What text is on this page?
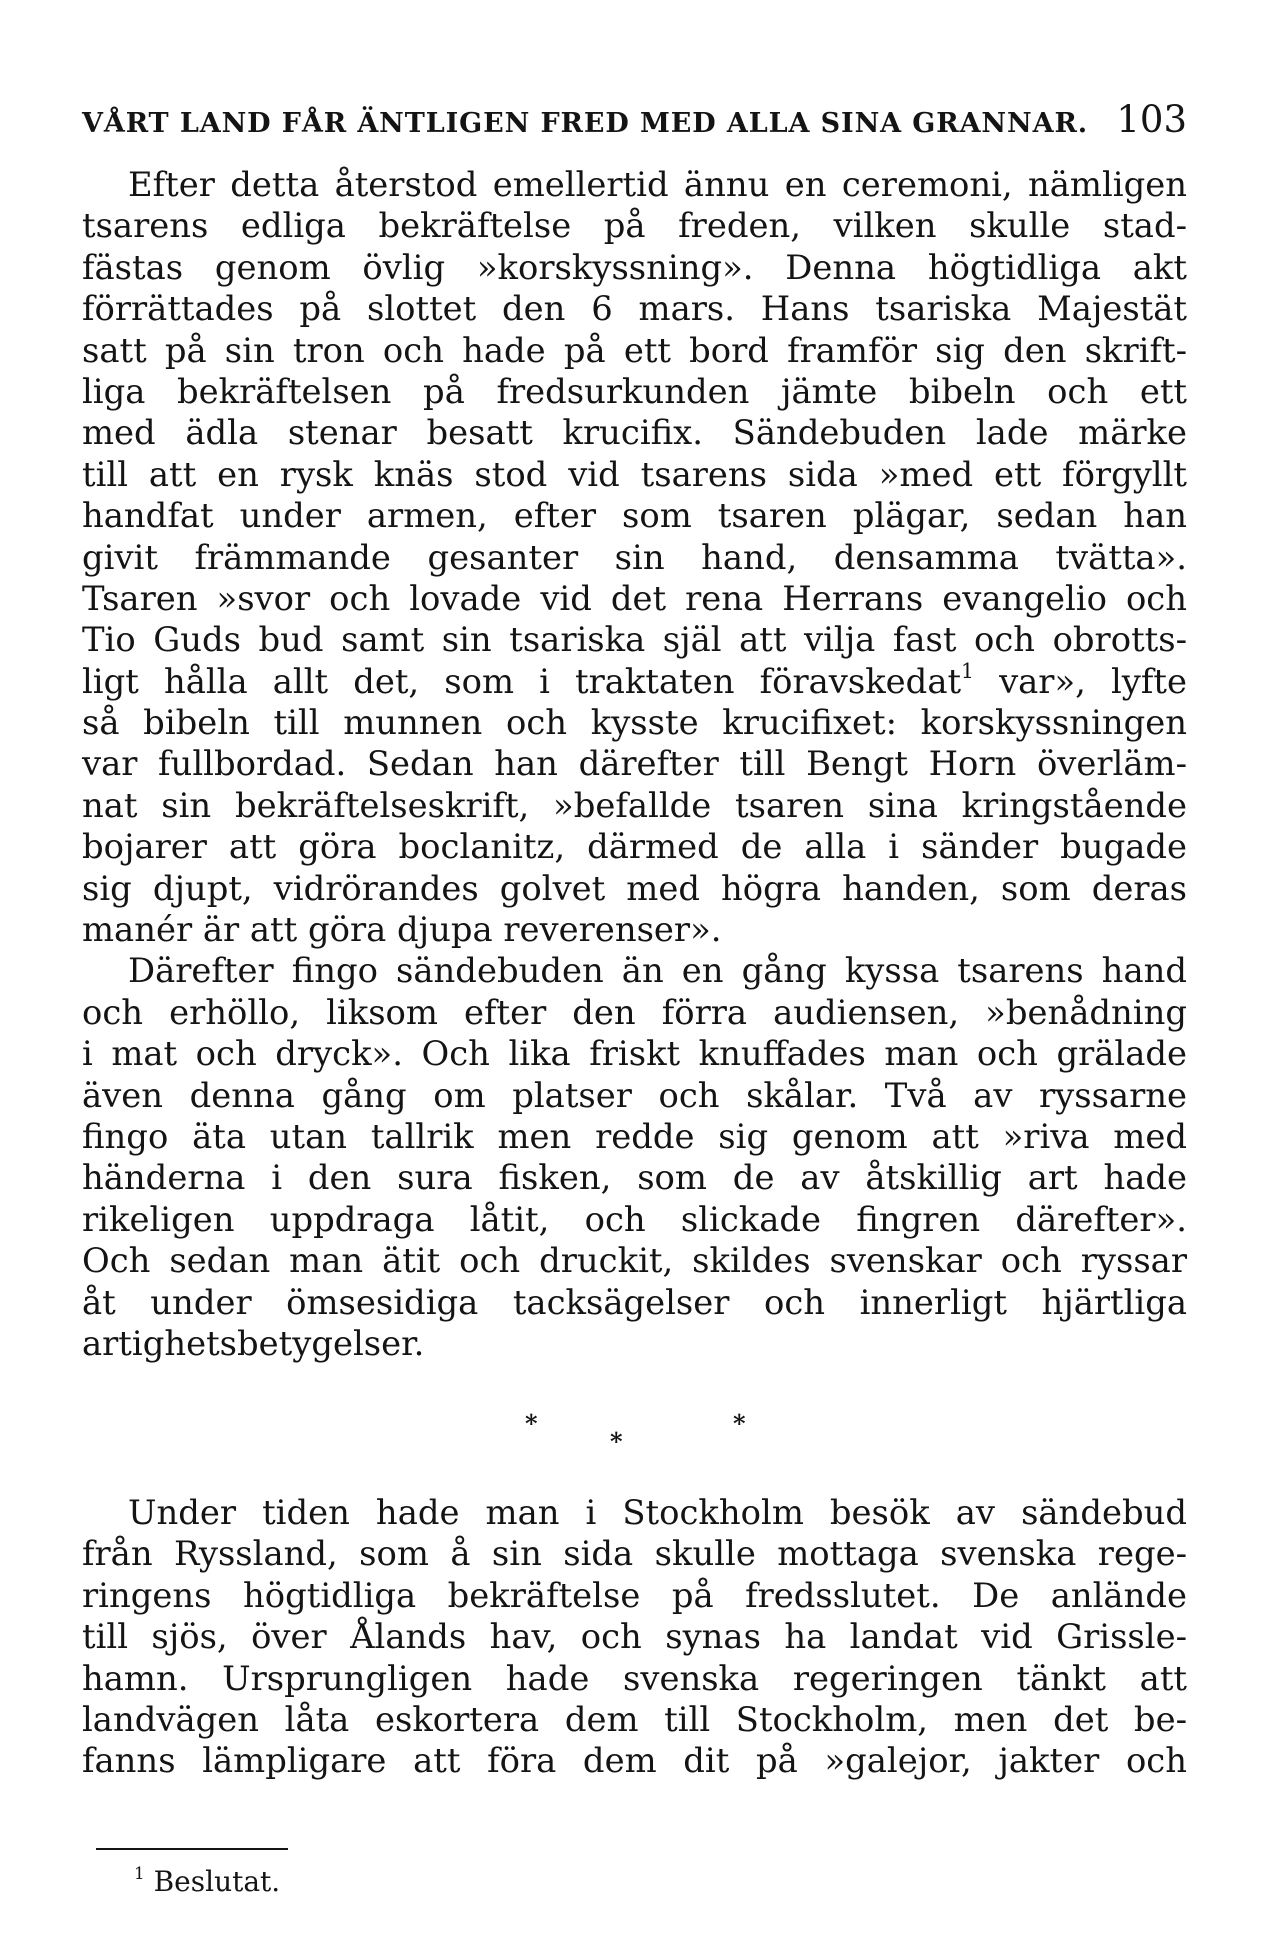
VÅRT LAND FÅR ÄNTLIGEN FRED MED ALLA SINA GRANNAR. 103
Efter detta återstod emellertid ännu en ceremoni, nämligen
tsarens edliga bekräftelse på freden, vilken skulle stad-
fästas genom övlig »korskyssning». Denna högtidliga akt
förrättades på slottet den 6 mars. Hans tsariska Majestät
satt på sin tron och hade på ett bord framför sig den skrift-
liga bekräftelsen på fredsurkunden jämte bibeln och ett
med ädla stenar besatt krucifix. Sändebuden lade märke
till att en rysk knäs stod vid tsarens sida »med ett förgyllt
handfat under armen, efter som tsaren plägar, sedan han
givit främmande gesanter sin hand, densamma tvätta».
Tsaren »svor och lovade vid det rena Herrans evangelio och
Tio Guds bud samt sin tsariska själ att vilja fast och obrotts-
ligt hålla allt det, som i traktaten föravskedat$^1$ var», lyfte
så bibeln till munnen och kysste krucifixet: korskyssningen
var fullbordad. Sedan han därefter till Bengt Horn överläm-
nat sin bekräftelseskrift, »befallde tsaren sina kringstående
bojarer att göra boclanitz, därmed de alla i sänder bugade
sig djupt, vidrörandes golvet med högra handen, som deras
manér är att göra djupa reverenser».
Därefter fingo sändebuden än en gång kyssa tsarens hand
och erhöllo, liksom efter den förra audiensen, »benådning
i mat och dryck». Och lika friskt knuffades man och grälade
även denna gång om platser och skålar. Två av ryssarne
fingo äta utan tallrik men redde sig genom att »riva med
händerna i den sura fisken, som de av åtskillig art hade
rikeligen uppdraga låtit, och slickade fingren därefter».
Och sedan man ätit och druckit, skildes svenskar och ryssar
åt under ömsesidiga tacksägelser och innerligt hjärtliga
artighetsbetygelser.
*
*
*
Under tiden hade man i Stockholm besök av sändebud
från Ryssland, som å sin sida skulle mottaga svenska rege-
ringens högtidliga bekräftelse på fredsslutet. De anlände
till sjös, över Ålands hav, och synas ha landat vid Grissle-
hamn. Ursprungligen hade svenska regeringen tänkt att
landvägen låta eskortera dem till Stockholm, men det be-
fanns lämpligare att föra dem dit på »galejor, jakter och
$^1$ Beslutat.
